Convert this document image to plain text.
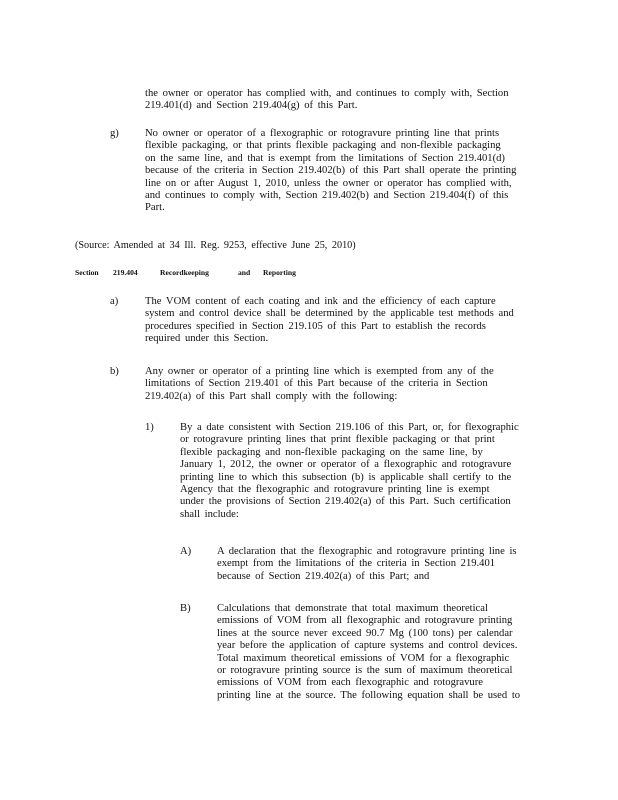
the owner or operator has complied with, and continues to comply with, Section
219.401(d) and Section 219.404(g) of this Part.
g) No owner or operator of a flexographic or rotogravure printing line that prints
flexible packaging, or that prints flexible packaging and non-flexible packaging
on the same line, and that is exempt from the limitations of Section 219.401(d)
because of the criteria in Section 219.402(b) of this Part shall operate the printing
line on or after August 1, 2010, unless the owner or operator has complied with,
and continues to comply with, Section 219.402(b) and Section 219.404(f) of this
Part.
(Source: Amended at 34 Ill. Reg. 9253, effective June 25, 2010)
Section 219.404	Recordkeeping	and Reporting
a)	The VOM content of each coating and ink and the efficiency of each capture
system and control device shall be determined by the applicable test methods and
procedures specified in Section 219.105 of this Part to establish the records
required under this Section.
b) Any owner or operator of a printing line which is exempted from any of the
limitations of Section 219.401 of this Part because of the criteria in Section
219.402(a) of this Part shall comply with the following:
1) By a date consistent with Section 219.106 of this Part, or, for flexographic
or rotogravure printing lines that print flexible packaging or that print
flexible packaging and non-flexible packaging on the same line, by
January 1, 2012, the owner or operator of a flexographic and rotogravure
printing line to which this subsection (b) is applicable shall certify to the
Agency that the flexographic and rotogravure printing line is exempt
under the provisions of Section 219.402(a) of this Part. Such certification
shall include:
A) A declaration that the flexographic and rotogravure printing line is
exempt from the limitations of the criteria in Section 219.401
because of Section 219.402(a) of this Part; and
B) Calculations that demonstrate that total maximum theoretical
emissions of VOM from all flexographic and rotogravure printing
lines at the source never exceed 90.7 Mg (100 tons) per calendar
year before the application of capture systems and control devices.
Total maximum theoretical emissions of VOM for a flexographic
or rotogravure printing source is the sum of maximum theoretical
emissions of VOM from each flexographic and rotogravure
printing line at the source. The following equation shall be used to
